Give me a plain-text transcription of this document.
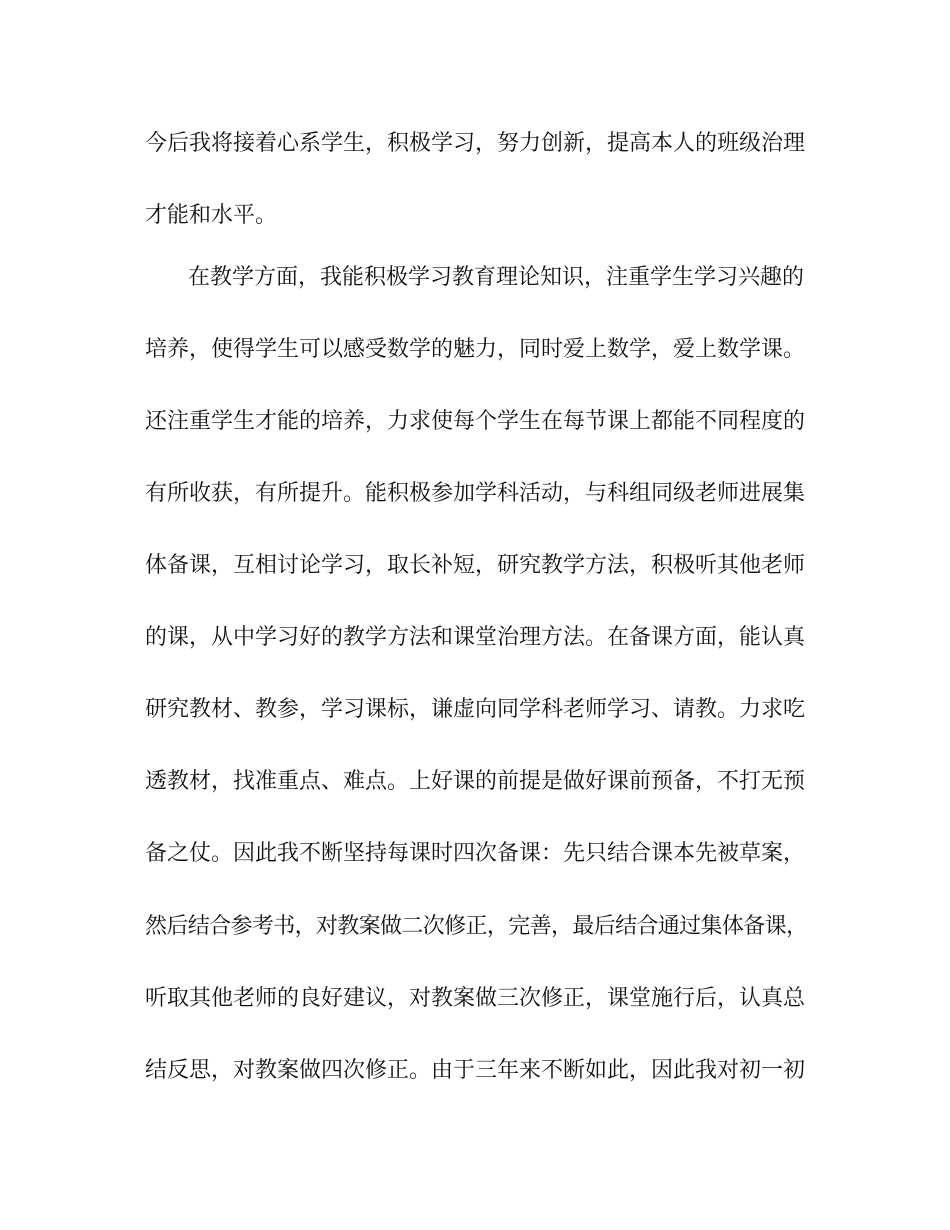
今后我将接着心系学生，积极学习，努力创新，提高本人的班级治理

才能和水平。

在教学方面，我能积极学习教育理论知识，注重学生学习兴趣的

培养，使得学生可以感受数学的魅力，同时爱上数学，爱上数学课。

还注重学生才能的培养，力求使每个学生在每节课上都能不同程度的

有所收获，有所提升。能积极参加学科活动，与科组同级老师进展集

体备课，互相讨论学习，取长补短，研究教学方法，积极听其他老师

的课，从中学习好的教学方法和课堂治理方法。在备课方面，能认真

研究教材、教参，学习课标，谦虚向同学科老师学习、请教。力求吃

透教材，找准重点、难点。上好课的前提是做好课前预备，不打无预

备之仗。因此我不断坚持每课时四次备课：先只结合课本先被草案，

然后结合参考书，对教案做二次修正，完善，最后结合通过集体备课，

听取其他老师的良好建议，对教案做三次修正，课堂施行后，认真总

结反思，对教案做四次修正。由于三年来不断如此，因此我对初一初
